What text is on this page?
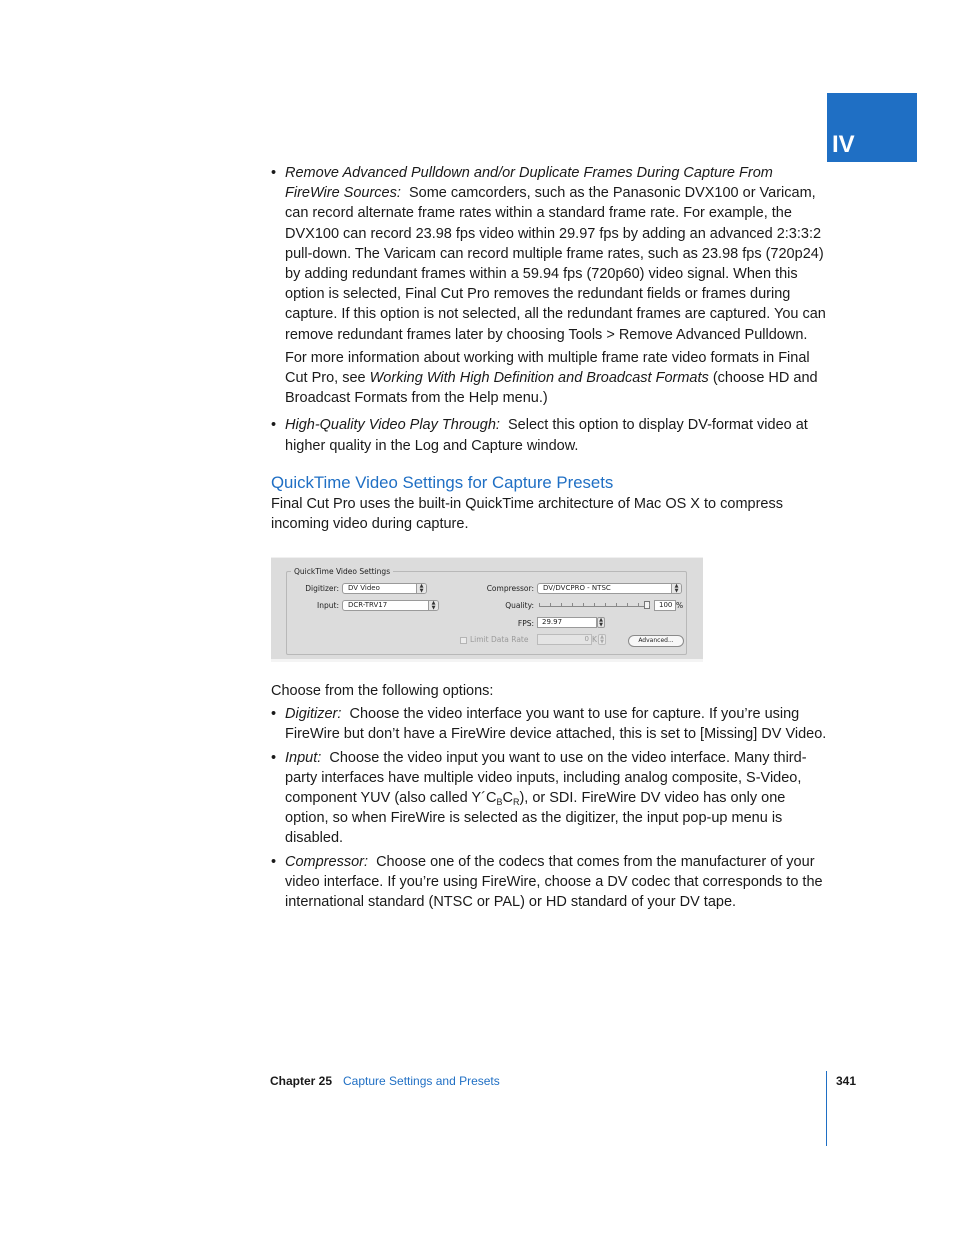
IV

• Remove Advanced Pulldown and/or Duplicate Frames During Capture From FireWire Sources: Some camcorders, such as the Panasonic DVX100 or Varicam, can record alternate frame rates within a standard frame rate. For example, the DVX100 can record 23.98 fps video within 29.97 fps by adding an advanced 2:3:3:2 pull-down. The Varicam can record multiple frame rates, such as 23.98 fps (720p24) by adding redundant frames within a 59.94 fps (720p60) video signal. When this option is selected, Final Cut Pro removes the redundant fields or frames during capture. If this option is not selected, all the redundant frames are captured. You can remove redundant frames later by choosing Tools > Remove Advanced Pulldown.

For more information about working with multiple frame rate video formats in Final Cut Pro, see Working With High Definition and Broadcast Formats (choose HD and Broadcast Formats from the Help menu.)

• High-Quality Video Play Through: Select this option to display DV-format video at higher quality in the Log and Capture window.

QuickTime Video Settings for Capture Presets

Final Cut Pro uses the built-in QuickTime architecture of Mac OS X to compress incoming video during capture.

QuickTime Video Settings
Digitizer:	DV Video	▲
▼
Input:	DCR-TRV17	▲
▼
Compressor:	DV/DVCPRO - NTSC	▲
▼
Quality:	100 %
FPS:	29.97	▲
▼
Limit Data Rate	0 K ▲
▼	Advanced...

Choose from the following options:

• Digitizer: Choose the video interface you want to use for capture. If you’re using FireWire but don’t have a FireWire device attached, this is set to [Missing] DV Video.

• Input: Choose the video input you want to use on the video interface. Many third-party interfaces have multiple video inputs, including analog composite, S-Video, component YUV (also called $Y´C_BC_R$), or SDI. FireWire DV video has only one option, so when FireWire is selected as the digitizer, the input pop-up menu is disabled.

• Compressor: Choose one of the codecs that comes from the manufacturer of your video interface. If you’re using FireWire, choose a DV codec that corresponds to the international standard (NTSC or PAL) or HD standard of your DV tape.

Chapter 25 Capture Settings and Presets	341
